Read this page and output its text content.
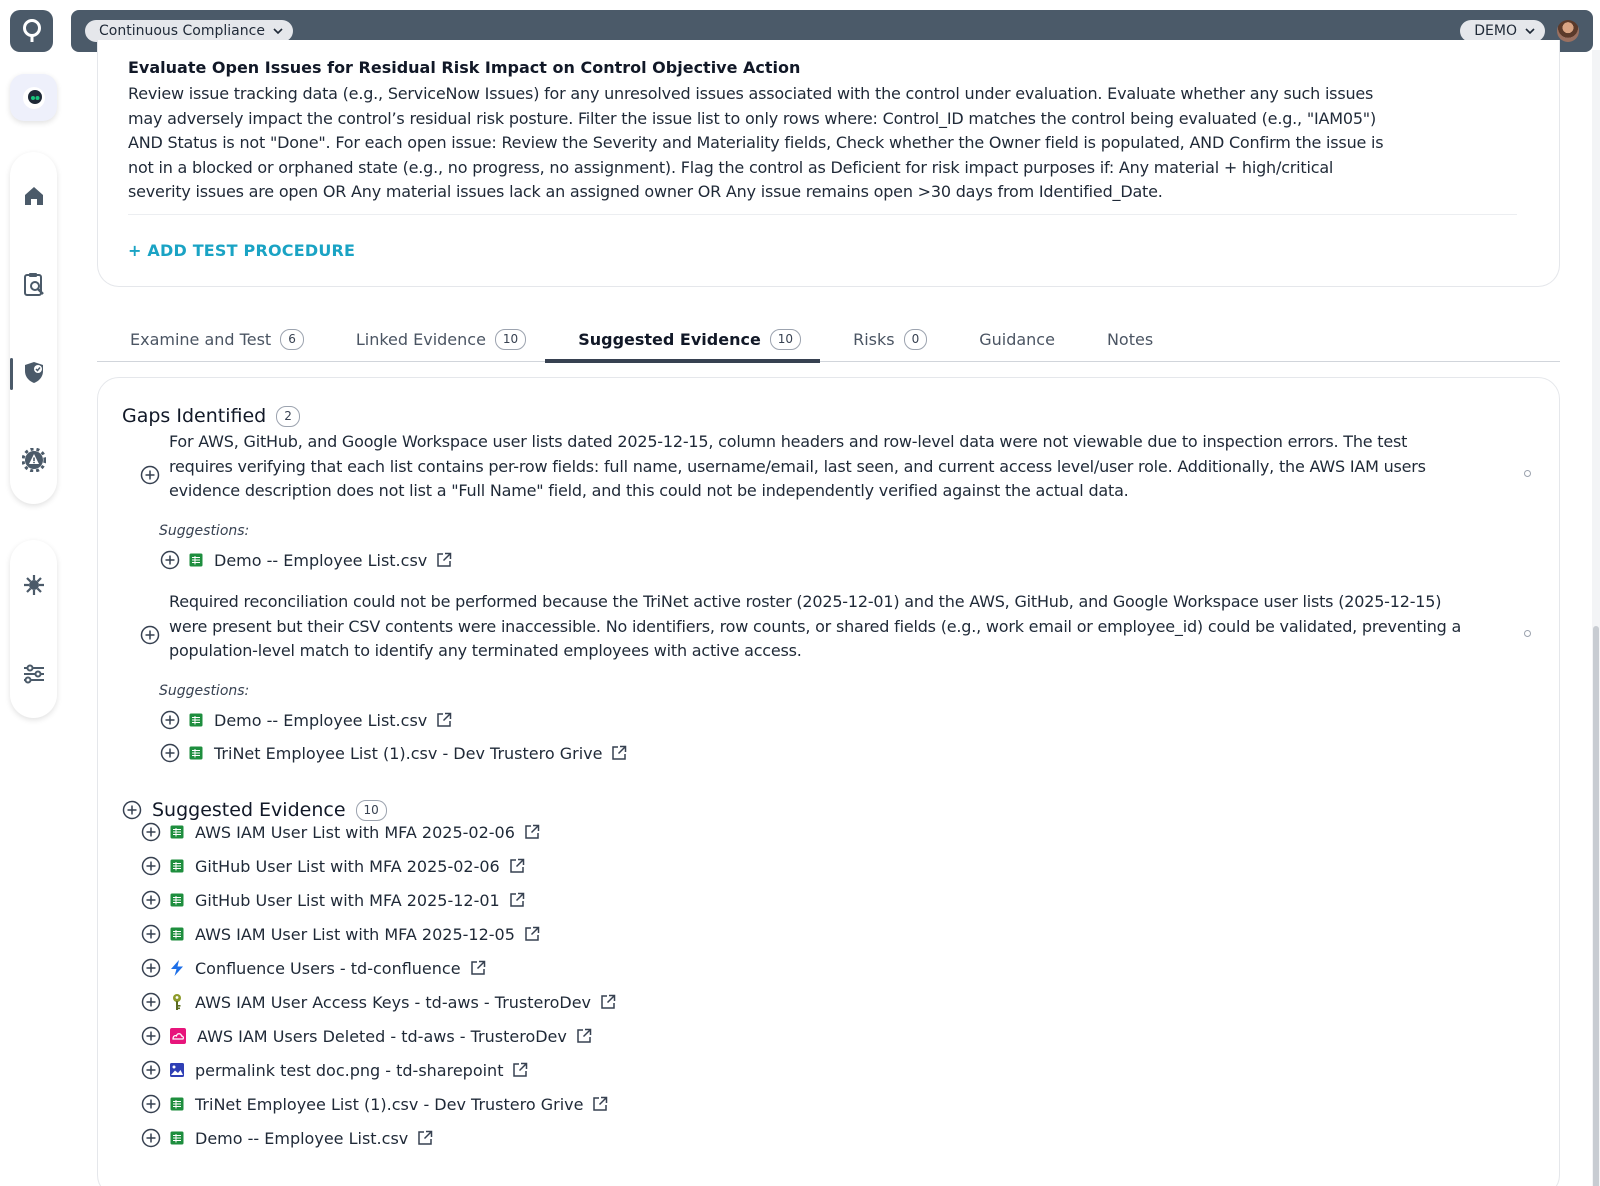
Continuous Compliance	DEMO
Evaluate Open Issues for Residual Risk Impact on Control Objective Action
Review issue tracking data (e.g., ServiceNow Issues) for any unresolved issues associated with the control under evaluation. Evaluate whether any such issues
may adversely impact the control’s residual risk posture. Filter the issue list to only rows where: Control_ID matches the control being evaluated (e.g., "IAM05")
AND Status is not "Done". For each open issue: Review the Severity and Materiality fields, Check whether the Owner field is populated, AND Confirm the issue is
not in a blocked or orphaned state (e.g., no progress, no assignment). Flag the control as Deficient for risk impact purposes if: Any material + high/critical
severity issues are open OR Any material issues lack an assigned owner OR Any issue remains open >30 days from Identified_Date.
+ ADD TEST PROCEDURE
Examine and Test	6	Linked Evidence	10	Suggested Evidence	10	Risks	0	Guidance	Notes
Gaps Identified	2
For AWS, GitHub, and Google Workspace user lists dated 2025-12-15, column headers and row-level data were not viewable due to inspection errors. The test
requires verifying that each list contains per-row fields: full name, username/email, last seen, and current access level/user role. Additionally, the AWS IAM users
evidence description does not list a "Full Name" field, and this could not be independently verified against the actual data.
Suggestions:
Demo -- Employee List.csv
Required reconciliation could not be performed because the TriNet active roster (2025-12-01) and the AWS, GitHub, and Google Workspace user lists (2025-12-15)
were present but their CSV contents were inaccessible. No identifiers, row counts, or shared fields (e.g., work email or employee_id) could be validated, preventing a
population-level match to identify any terminated employees with active access.
Suggestions:
Demo -- Employee List.csv
TriNet Employee List (1).csv - Dev Trustero Grive
Suggested Evidence	10
AWS IAM User List with MFA 2025-02-06
GitHub User List with MFA 2025-02-06
GitHub User List with MFA 2025-12-01
AWS IAM User List with MFA 2025-12-05
Confluence Users - td-confluence
AWS IAM User Access Keys - td-aws - TrusteroDev
AWS IAM Users Deleted - td-aws - TrusteroDev
permalink test doc.png - td-sharepoint
TriNet Employee List (1).csv - Dev Trustero Grive
Demo -- Employee List.csv
